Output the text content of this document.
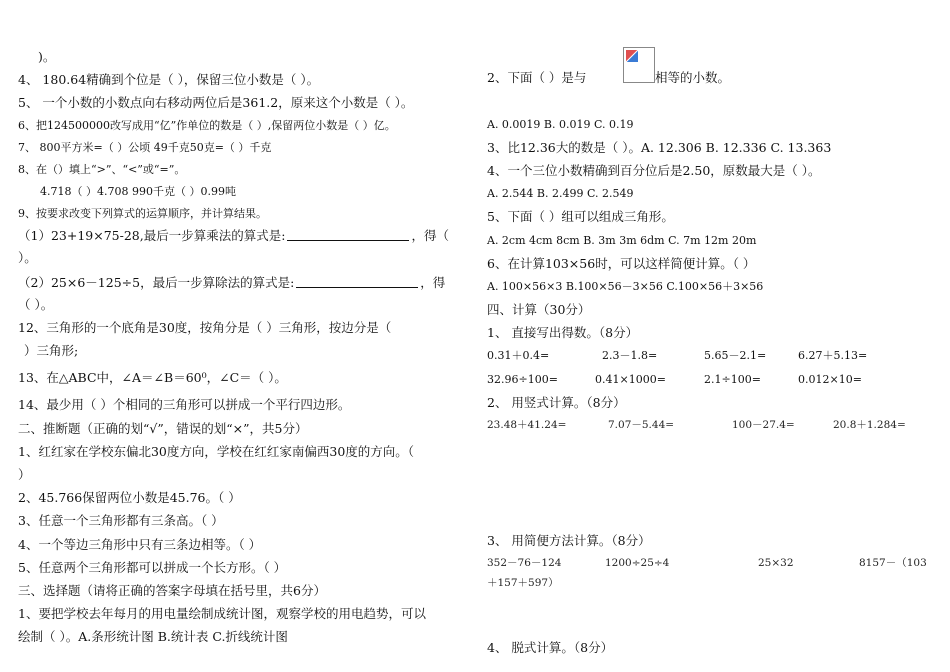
)。
4、 180.64精确到个位是（ ），保留三位小数是（ ）。
5、 一个小数的小数点向右移动两位后是361.2，原来这个小数是（ ）。
6、把124500000改写成用“亿”作单位的数是（ ）,保留两位小数是（ ）亿。
7、 800平方米=（ ）公顷 49千克50克=（ ）千克
8、在（）填上“>”、“<”或“=”。
4.718（ ）4.708 990千克（ ）0.99吨
9、按要求改变下列算式的运算顺序，并计算结果。
（1）23+19×75-28,最后一步算乘法的算式是:	，得（
）。
（2）25×6－125÷5，最后一步算除法的算式是:	，得
（ ）。
12、三角形的一个底角是30度，按角分是（ ）三角形，按边分是（
）三角形;
13、在△ABC中，∠A＝∠B＝60⁰，∠C＝（ ）。
14、最少用（ ）个相同的三角形可以拼成一个平行四边形。
二、推断题（正确的划“√”，错误的划“×”，共5分）
1、红红家在学校东偏北30度方向，学校在红红家南偏西30度的方向。（
）
2、45.766保留两位小数是45.76。（ ）
3、任意一个三角形都有三条高。（ ）
4、一个等边三角形中只有三条边相等。（ ）
5、任意两个三角形都可以拼成一个长方形。（ ）
三、选择题（请将正确的答案字母填在括号里，共6分）
1、要把学校去年每月的用电量绘制成统计图，观察学校的用电趋势，可以
绘制（ ）。A.条形统计图 B.统计表 C.折线统计图
2、下面（ ）是与	相等的小数。
A. 0.0019 B. 0.019 C. 0.19
3、比12.36大的数是（ ）。A. 12.306 B. 12.336 C. 13.363
4、一个三位小数精确到百分位后是2.50，原数最大是（ ）。
A. 2.544 B. 2.499 C. 2.549
5、下面（ ）组可以组成三角形。
A. 2cm 4cm 8cm B. 3m 3m 6dm C. 7m 12m 20m
6、在计算103×56时，可以这样简便计算。（ ）
A. 100×56×3 B.100×56－3×56 C.100×56＋3×56
四、计算（30分）
1、 直接写出得数。（8分）
0.31＋0.4=	2.3－1.8=	5.65－2.1=	6.27＋5.13=
32.96÷100=	0.41×1000=	2.1÷100=	0.012×10=
2、 用竖式计算。（8分）
23.48＋41.24=	7.07－5.44=	100－27.4=	20.8＋1.284=
3、 用简便方法计算。（8分）
352－76－124	1200÷25÷4	25×32	8157－（103
＋157＋597）
4、 脱式计算。（8分）
